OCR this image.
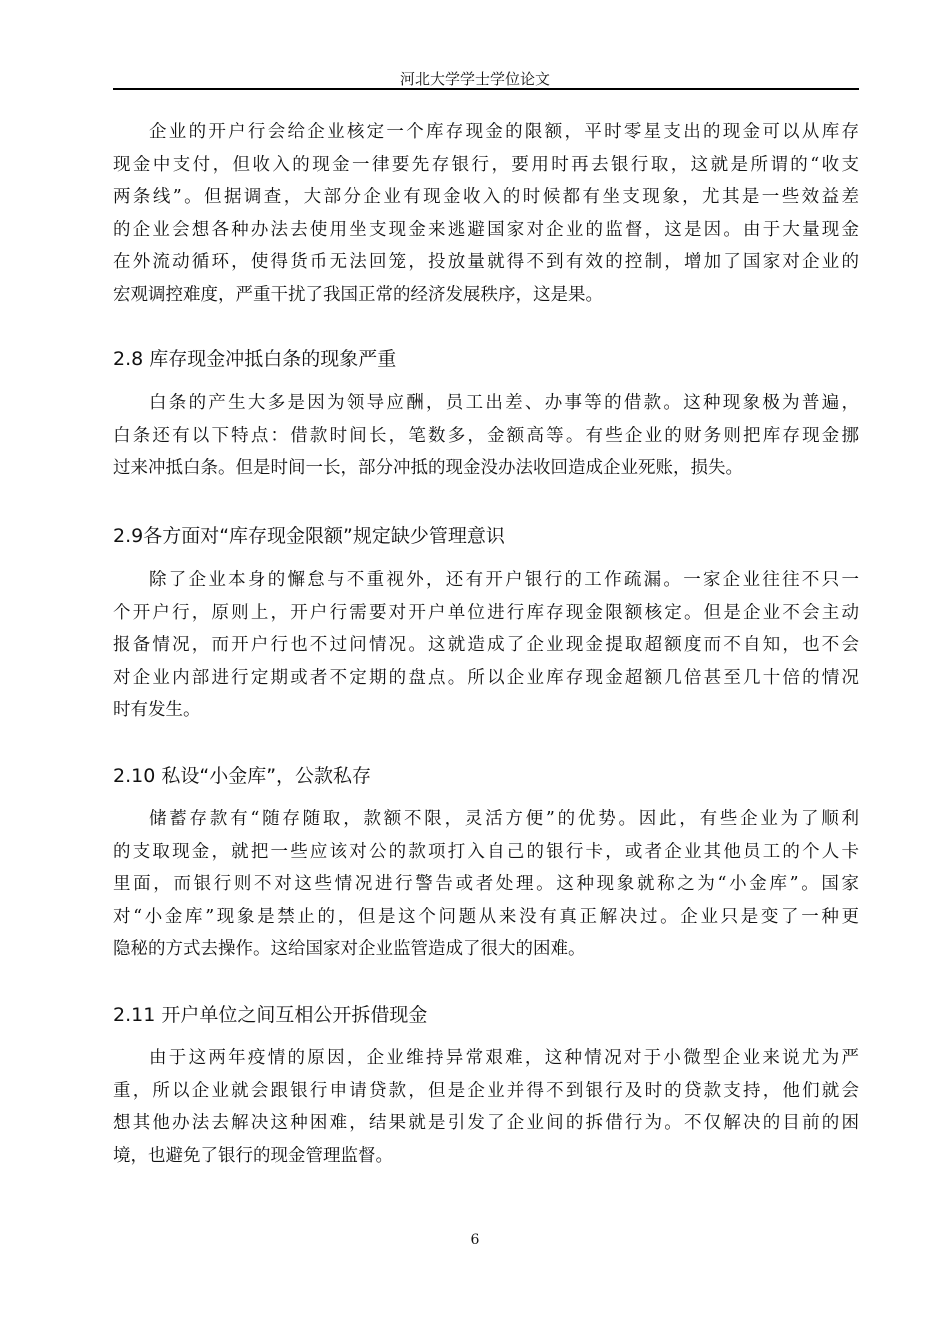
河北大学学士学位论文
企业的开户行会给企业核定一个库存现金的限额，平时零星支出的现金可以从库存
现金中支付，但收入的现金一律要先存银行，要用时再去银行取，这就是所谓的“收支
两条线”。但据调查，大部分企业有现金收入的时候都有坐支现象，尤其是一些效益差
的企业会想各种办法去使用坐支现金来逃避国家对企业的监督，这是因。由于大量现金
在外流动循环，使得货币无法回笼，投放量就得不到有效的控制，增加了国家对企业的
宏观调控难度，严重干扰了我国正常的经济发展秩序，这是果。
2.8 库存现金冲抵白条的现象严重
白条的产生大多是因为领导应酬，员工出差、办事等的借款。这种现象极为普遍，
白条还有以下特点：借款时间长，笔数多，金额高等。有些企业的财务则把库存现金挪
过来冲抵白条。但是时间一长，部分冲抵的现金没办法收回造成企业死账，损失。
2.9各方面对“库存现金限额”规定缺少管理意识
除了企业本身的懈怠与不重视外，还有开户银行的工作疏漏。一家企业往往不只一
个开户行，原则上，开户行需要对开户单位进行库存现金限额核定。但是企业不会主动
报备情况，而开户行也不过问情况。这就造成了企业现金提取超额度而不自知，也不会
对企业内部进行定期或者不定期的盘点。所以企业库存现金超额几倍甚至几十倍的情况
时有发生。
2.10 私设“小金库”，公款私存
储蓄存款有“随存随取，款额不限，灵活方便”的优势。因此，有些企业为了顺利
的支取现金，就把一些应该对公的款项打入自己的银行卡，或者企业其他员工的个人卡
里面，而银行则不对这些情况进行警告或者处理。这种现象就称之为“小金库”。国家
对“小金库”现象是禁止的，但是这个问题从来没有真正解决过。企业只是变了一种更
隐秘的方式去操作。这给国家对企业监管造成了很大的困难。
2.11 开户单位之间互相公开拆借现金
由于这两年疫情的原因，企业维持异常艰难，这种情况对于小微型企业来说尤为严
重，所以企业就会跟银行申请贷款，但是企业并得不到银行及时的贷款支持，他们就会
想其他办法去解决这种困难，结果就是引发了企业间的拆借行为。不仅解决的目前的困
境，也避免了银行的现金管理监督。
6
